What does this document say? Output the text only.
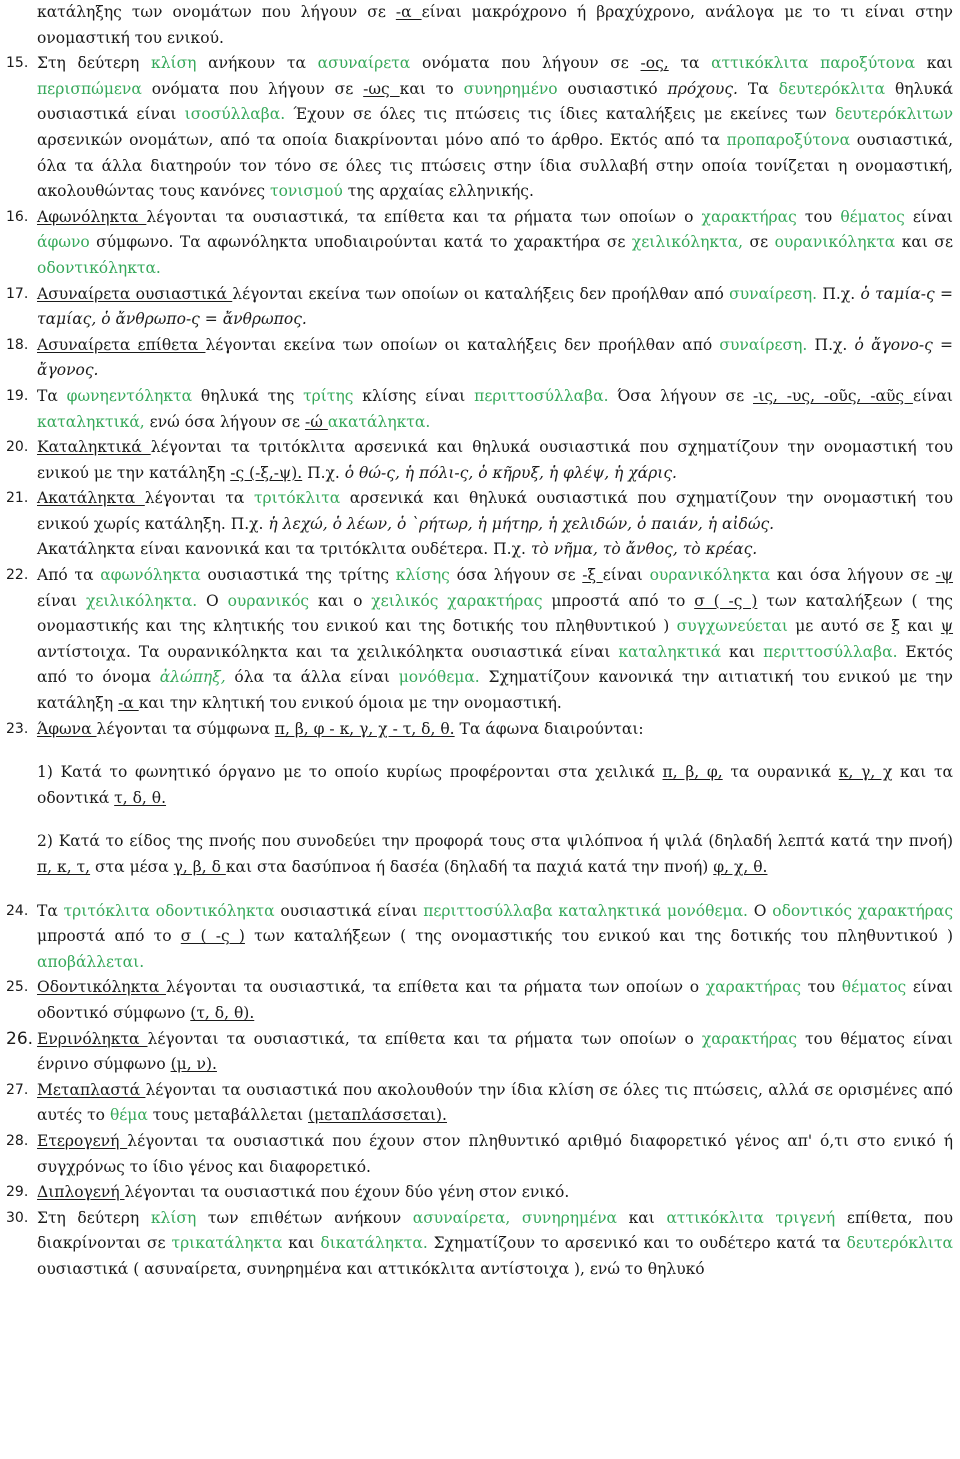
κατάληξης των ονομάτων που λήγουν σε -α είναι μακρόχρονο ή βραχύχρονο, ανάλογα με το τι είναι στην ονομαστική του ενικού.
15. Στη δεύτερη κλίση ανήκουν τα ασυναίρετα ονόματα που λήγουν σε -ος, τα αττικόκλιτα παροξύτονα και περισπώμενα ονόματα που λήγουν σε -ως και το συνηρημένο ουσιαστικό πρόχους. Τα δευτερόκλιτα θηλυκά ουσιαστικά είναι ισοσύλλαβα. Έχουν σε όλες τις πτώσεις τις ίδιες καταλήξεις με εκείνες των δευτερόκλιτων αρσενικών ονομάτων, από τα οποία διακρίνονται μόνο από το άρθρο. Εκτός από τα προπαροξύτονα ουσιαστικά, όλα τα άλλα διατηρούν τον τόνο σε όλες τις πτώσεις στην ίδια συλλαβή στην οποία τονίζεται η ονομαστική, ακολουθώντας τους κανόνες τονισμού της αρχαίας ελληνικής.
16. Αφωνόληκτα λέγονται τα ουσιαστικά, τα επίθετα και τα ρήματα των οποίων ο χαρακτήρας του θέματος είναι άφωνο σύμφωνο. Τα αφωνόληκτα υποδιαιρούνται κατά το χαρακτήρα σε χειλικόληκτα, σε ουρανικόληκτα και σε οδοντικόληκτα.
17. Ασυναίρετα ουσιαστικά λέγονται εκείνα των οποίων οι καταλήξεις δεν προήλθαν από συναίρεση. Π.χ. ὁ ταμία-ς = ταμίας, ὁ ἄνθρωπο-ς = ἄνθρωπος.
18. Ασυναίρετα επίθετα λέγονται εκείνα των οποίων οι καταλήξεις δεν προήλθαν από συναίρεση. Π.χ. ὁ ἄγονο-ς = ἄγονος.
19. Τα φωνηεντόληκτα θηλυκά της τρίτης κλίσης είναι περιττοσύλλαβα. Όσα λήγουν σε -ις, -υς, -οῦς, -αῦς είναι καταληκτικά, ενώ όσα λήγουν σε -ώ ακατάληκτα.
20. Καταληκτικά λέγονται τα τριτόκλιτα αρσενικά και θηλυκά ουσιαστικά που σχηματίζουν την ονομαστική του ενικού με την κατάληξη -ς (-ξ,-ψ). Π.χ. ὁ θώ-ς, ἡ πόλι-ς, ὁ κῆρυξ, ἡ φλέψ, ἡ χάρις.
21. Ακατάληκτα λέγονται τα τριτόκλιτα αρσενικά και θηλυκά ουσιαστικά που σχηματίζουν την ονομαστική του ενικού χωρίς κατάληξη. Π.χ. ἡ λεχώ, ὁ λέων, ὁ `ρήτωρ, ἡ μήτηρ, ἡ χελιδών, ὁ παιάν, ἡ αἰδώς.
Ακατάληκτα είναι κανονικά και τα τριτόκλιτα ουδέτερα. Π.χ. τὸ νῆμα, τὸ ἄνθος, τὸ κρέας.
22. Από τα αφωνόληκτα ουσιαστικά της τρίτης κλίσης όσα λήγουν σε -ξ είναι ουρανικόληκτα και όσα λήγουν σε -ψ είναι χειλικόληκτα. Ο ουρανικός και ο χειλικός χαρακτήρας μπροστά από το σ ( -ς ) των καταλήξεων ( της ονομαστικής και της κλητικής του ενικού και της δοτικής του πληθυντικού ) συγχωνεύεται με αυτό σε ξ και ψ αντίστοιχα. Τα ουρανικόληκτα και τα χειλικόληκτα ουσιαστικά είναι καταληκτικά και περιττοσύλλαβα. Εκτός από το όνομα ἀλώπηξ, όλα τα άλλα είναι μονόθεμα. Σχηματίζουν κανονικά την αιτιατική του ενικού με την κατάληξη -α και την κλητική του ενικού όμοια με την ονομαστική.
23. Άφωνα λέγονται τα σύμφωνα π, β, φ - κ, γ, χ - τ, δ, θ. Τα άφωνα διαιρούνται:
1) Κατά το φωνητικό όργανο με το οποίο κυρίως προφέρονται στα χειλικά π, β, φ, τα ουρανικά κ, γ, χ και τα οδοντικά τ, δ, θ.
2) Κατά το είδος της πνοής που συνοδεύει την προφορά τους στα ψιλόπνοα ή ψιλά (δηλαδή λεπτά κατά την πνοή) π, κ, τ, στα μέσα γ, β, δ και στα δασύπνοα ή δασέα (δηλαδή τα παχιά κατά την πνοή) φ, χ, θ.
24. Τα τριτόκλιτα οδοντικόληκτα ουσιαστικά είναι περιττοσύλλαβα καταληκτικά μονόθεμα. Ο οδοντικός χαρακτήρας μπροστά από το σ ( -ς ) των καταλήξεων ( της ονομαστικής του ενικού και της δοτικής του πληθυντικού ) αποβάλλεται.
25. Οδοντικόληκτα λέγονται τα ουσιαστικά, τα επίθετα και τα ρήματα των οποίων ο χαρακτήρας του θέματος είναι οδοντικό σύμφωνο (τ, δ, θ).
26. Ενρινόληκτα λέγονται τα ουσιαστικά, τα επίθετα και τα ρήματα των οποίων ο χαρακτήρας του θέματος είναι ένρινο σύμφωνο (μ, ν).
27. Μεταπλαστά λέγονται τα ουσιαστικά που ακολουθούν την ίδια κλίση σε όλες τις πτώσεις, αλλά σε ορισμένες από αυτές το θέμα τους μεταβάλλεται (μεταπλάσσεται).
28. Ετερογενή λέγονται τα ουσιαστικά που έχουν στον πληθυντικό αριθμό διαφορετικό γένος απ' ό,τι στο ενικό ή συγχρόνως το ίδιο γένος και διαφορετικό.
29. Διπλογενή λέγονται τα ουσιαστικά που έχουν δύο γένη στον ενικό.
30. Στη δεύτερη κλίση των επιθέτων ανήκουν ασυναίρετα, συνηρημένα και αττικόκλιτα τριγενή επίθετα, που διακρίνονται σε τρικατάληκτα και δικατάληκτα. Σχηματίζουν το αρσενικό και το ουδέτερο κατά τα δευτερόκλιτα ουσιαστικά ( ασυναίρετα, συνηρημένα και αττικόκλιτα αντίστοιχα ), ενώ το θηλυκό
